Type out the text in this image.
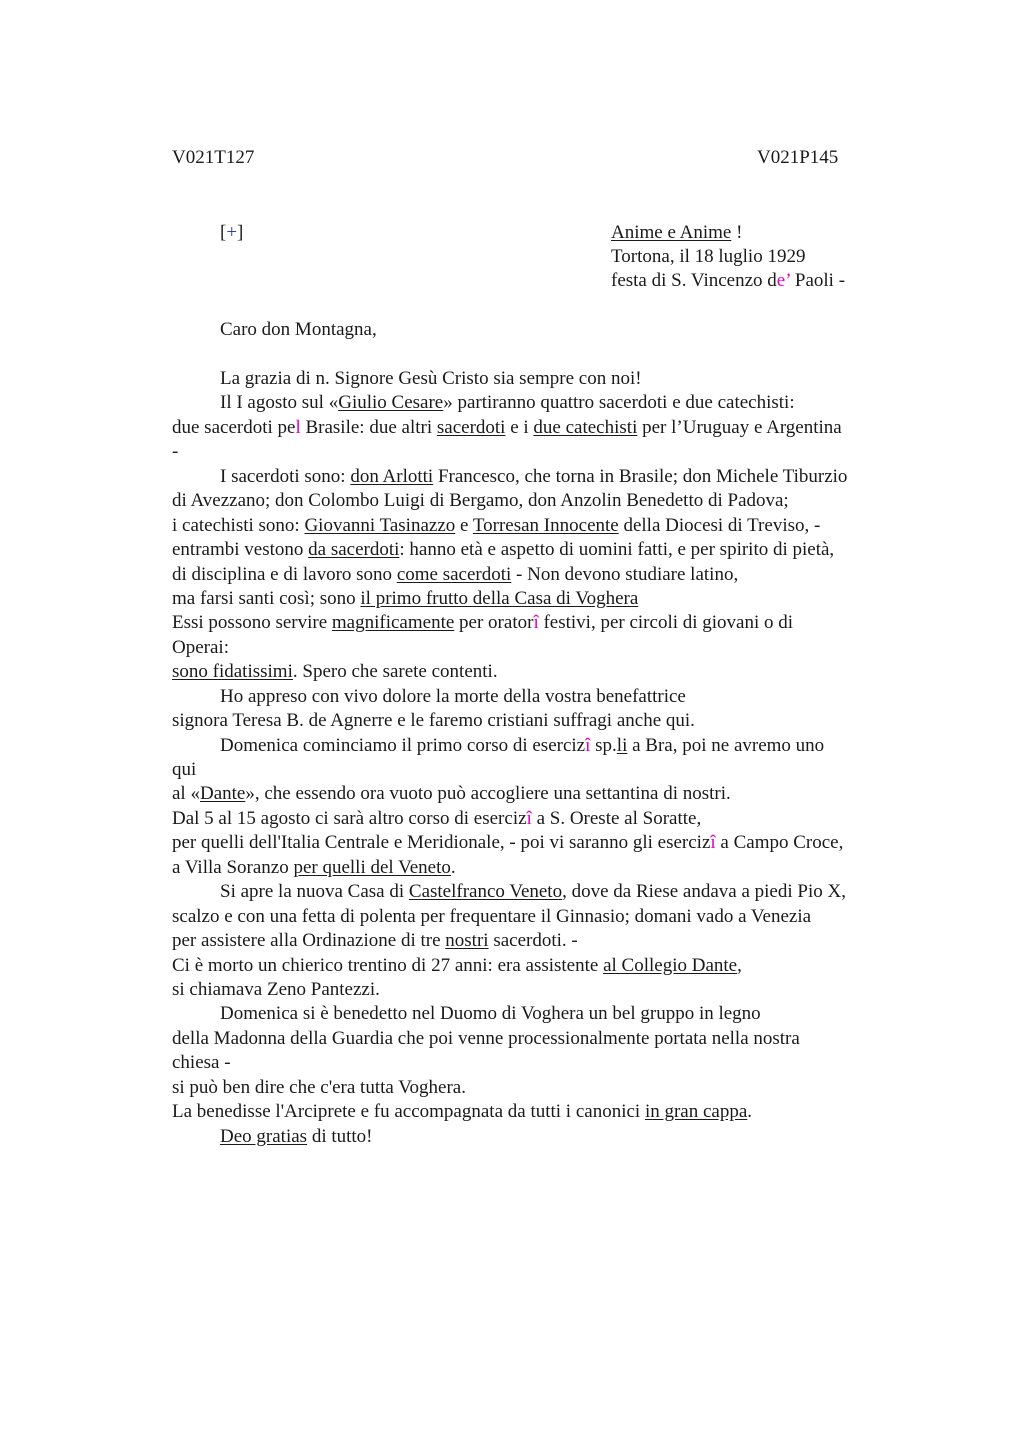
V021T127	V021P145
[+]	Anime e Anime !
Tortona, il 18 luglio 1929
festa di S. Vincenzo de’ Paoli -
Caro don Montagna,
La grazia di n. Signore Gesù Cristo sia sempre con noi!
Il I agosto sul «Giulio Cesare» partiranno quattro sacerdoti e due catechisti:
due sacerdoti pel Brasile: due altri sacerdoti e i due catechisti per l’Uruguay e Argentina
-
I sacerdoti sono: don Arlotti Francesco, che torna in Brasile; don Michele Tiburzio
di Avezzano; don Colombo Luigi di Bergamo, don Anzolin Benedetto di Padova;
i catechisti sono: Giovanni Tasinazzo e Torresan Innocente della Diocesi di Treviso, -
entrambi vestono da sacerdoti: hanno età e aspetto di uomini fatti, e per spirito di pietà,
di disciplina e di lavoro sono come sacerdoti - Non devono studiare latino,
ma farsi santi così; sono il primo frutto della Casa di Voghera
Essi possono servire magnificamente per oratorî festivi, per circoli di giovani o di
Operai:
sono fidatissimi. Spero che sarete contenti.
Ho appreso con vivo dolore la morte della vostra benefattrice
signora Teresa B. de Agnerre e le faremo cristiani suffragi anche qui.
Domenica cominciamo il primo corso di esercizî sp.li a Bra, poi ne avremo uno
qui
al «Dante», che essendo ora vuoto può accogliere una settantina di nostri.
Dal 5 al 15 agosto ci sarà altro corso di esercizî a S. Oreste al Soratte,
per quelli dell'Italia Centrale e Meridionale, - poi vi saranno gli esercizî a Campo Croce,
a Villa Soranzo per quelli del Veneto.
Si apre la nuova Casa di Castelfranco Veneto, dove da Riese andava a piedi Pio X,
scalzo e con una fetta di polenta per frequentare il Ginnasio; domani vado a Venezia
per assistere alla Ordinazione di tre nostri sacerdoti. -
Ci è morto un chierico trentino di 27 anni: era assistente al Collegio Dante,
si chiamava Zeno Pantezzi.
Domenica si è benedetto nel Duomo di Voghera un bel gruppo in legno
della Madonna della Guardia che poi venne processionalmente portata nella nostra
chiesa -
si può ben dire che c'era tutta Voghera.
La benedisse l'Arciprete e fu accompagnata da tutti i canonici in gran cappa.
Deo gratias di tutto!
